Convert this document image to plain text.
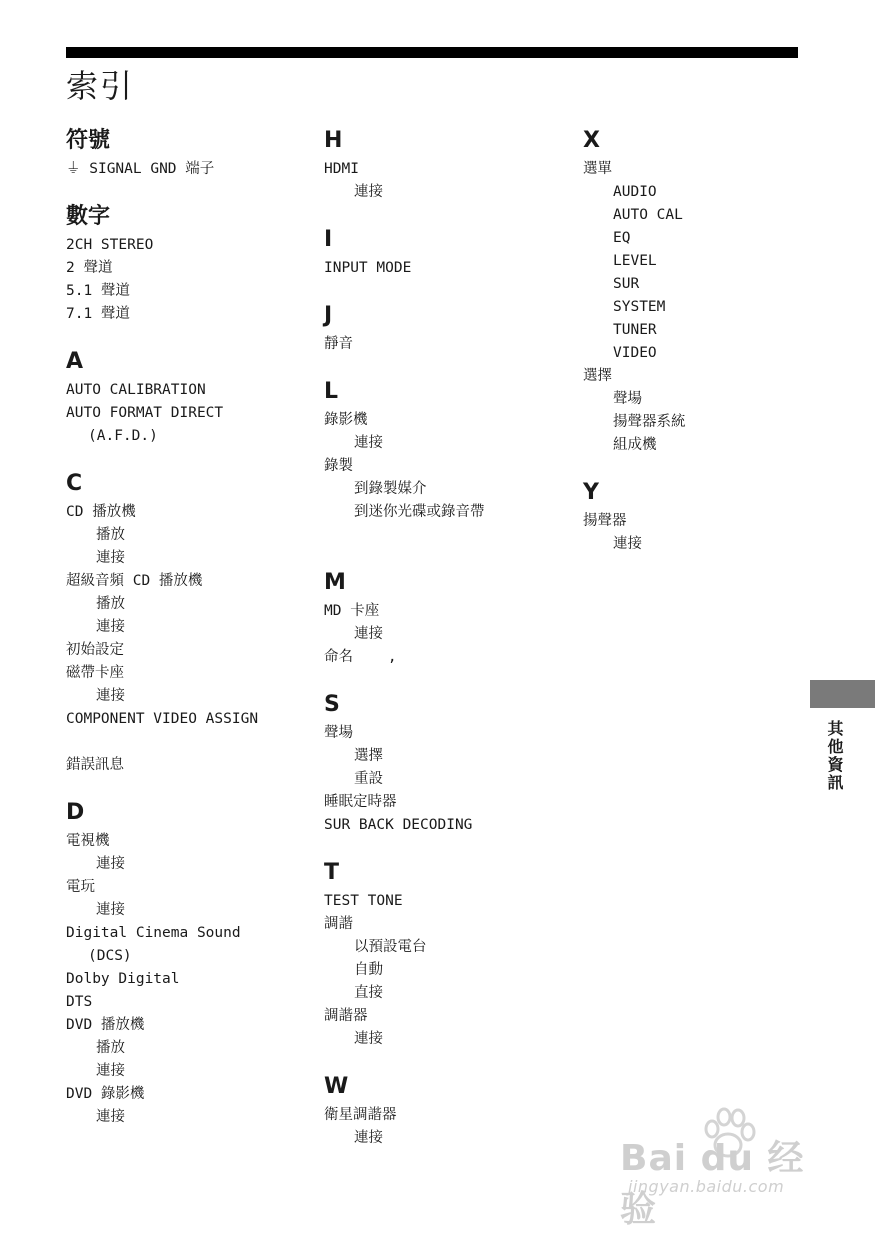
索引
符號
⏚ SIGNAL GND 端子
數字
2CH STEREO
2 聲道
5.1 聲道
7.1 聲道
A
AUTO CALIBRATION
AUTO FORMAT DIRECT
(A.F.D.)
C
CD 播放機
播放
連接
超級音頻 CD 播放機
播放
連接
初始設定
磁帶卡座
連接
COMPONENT VIDEO ASSIGN

錯誤訊息
D
電視機
連接
電玩
連接
Digital Cinema Sound
(DCS)
Dolby Digital
DTS
DVD 播放機
播放
連接
DVD 錄影機
連接
H
HDMI
連接
I
INPUT MODE
J
靜音
L
錄影機
連接
錄製
到錄製媒介
到迷你光碟或錄音帶

M
MD 卡座
連接
命名    ,
S
聲場
選擇
重設
睡眠定時器
SUR BACK DECODING
T
TEST TONE
調諧
以預設電台
自動
直接
調諧器
連接
W
衛星調諧器
連接
X
選單
AUDIO
AUTO CAL
EQ
LEVEL
SUR
SYSTEM
TUNER
VIDEO
選擇
聲場
揚聲器系統
組成機
Y
揚聲器
連接
其他資訊
Bai du 经验
jingyan.baidu.com
